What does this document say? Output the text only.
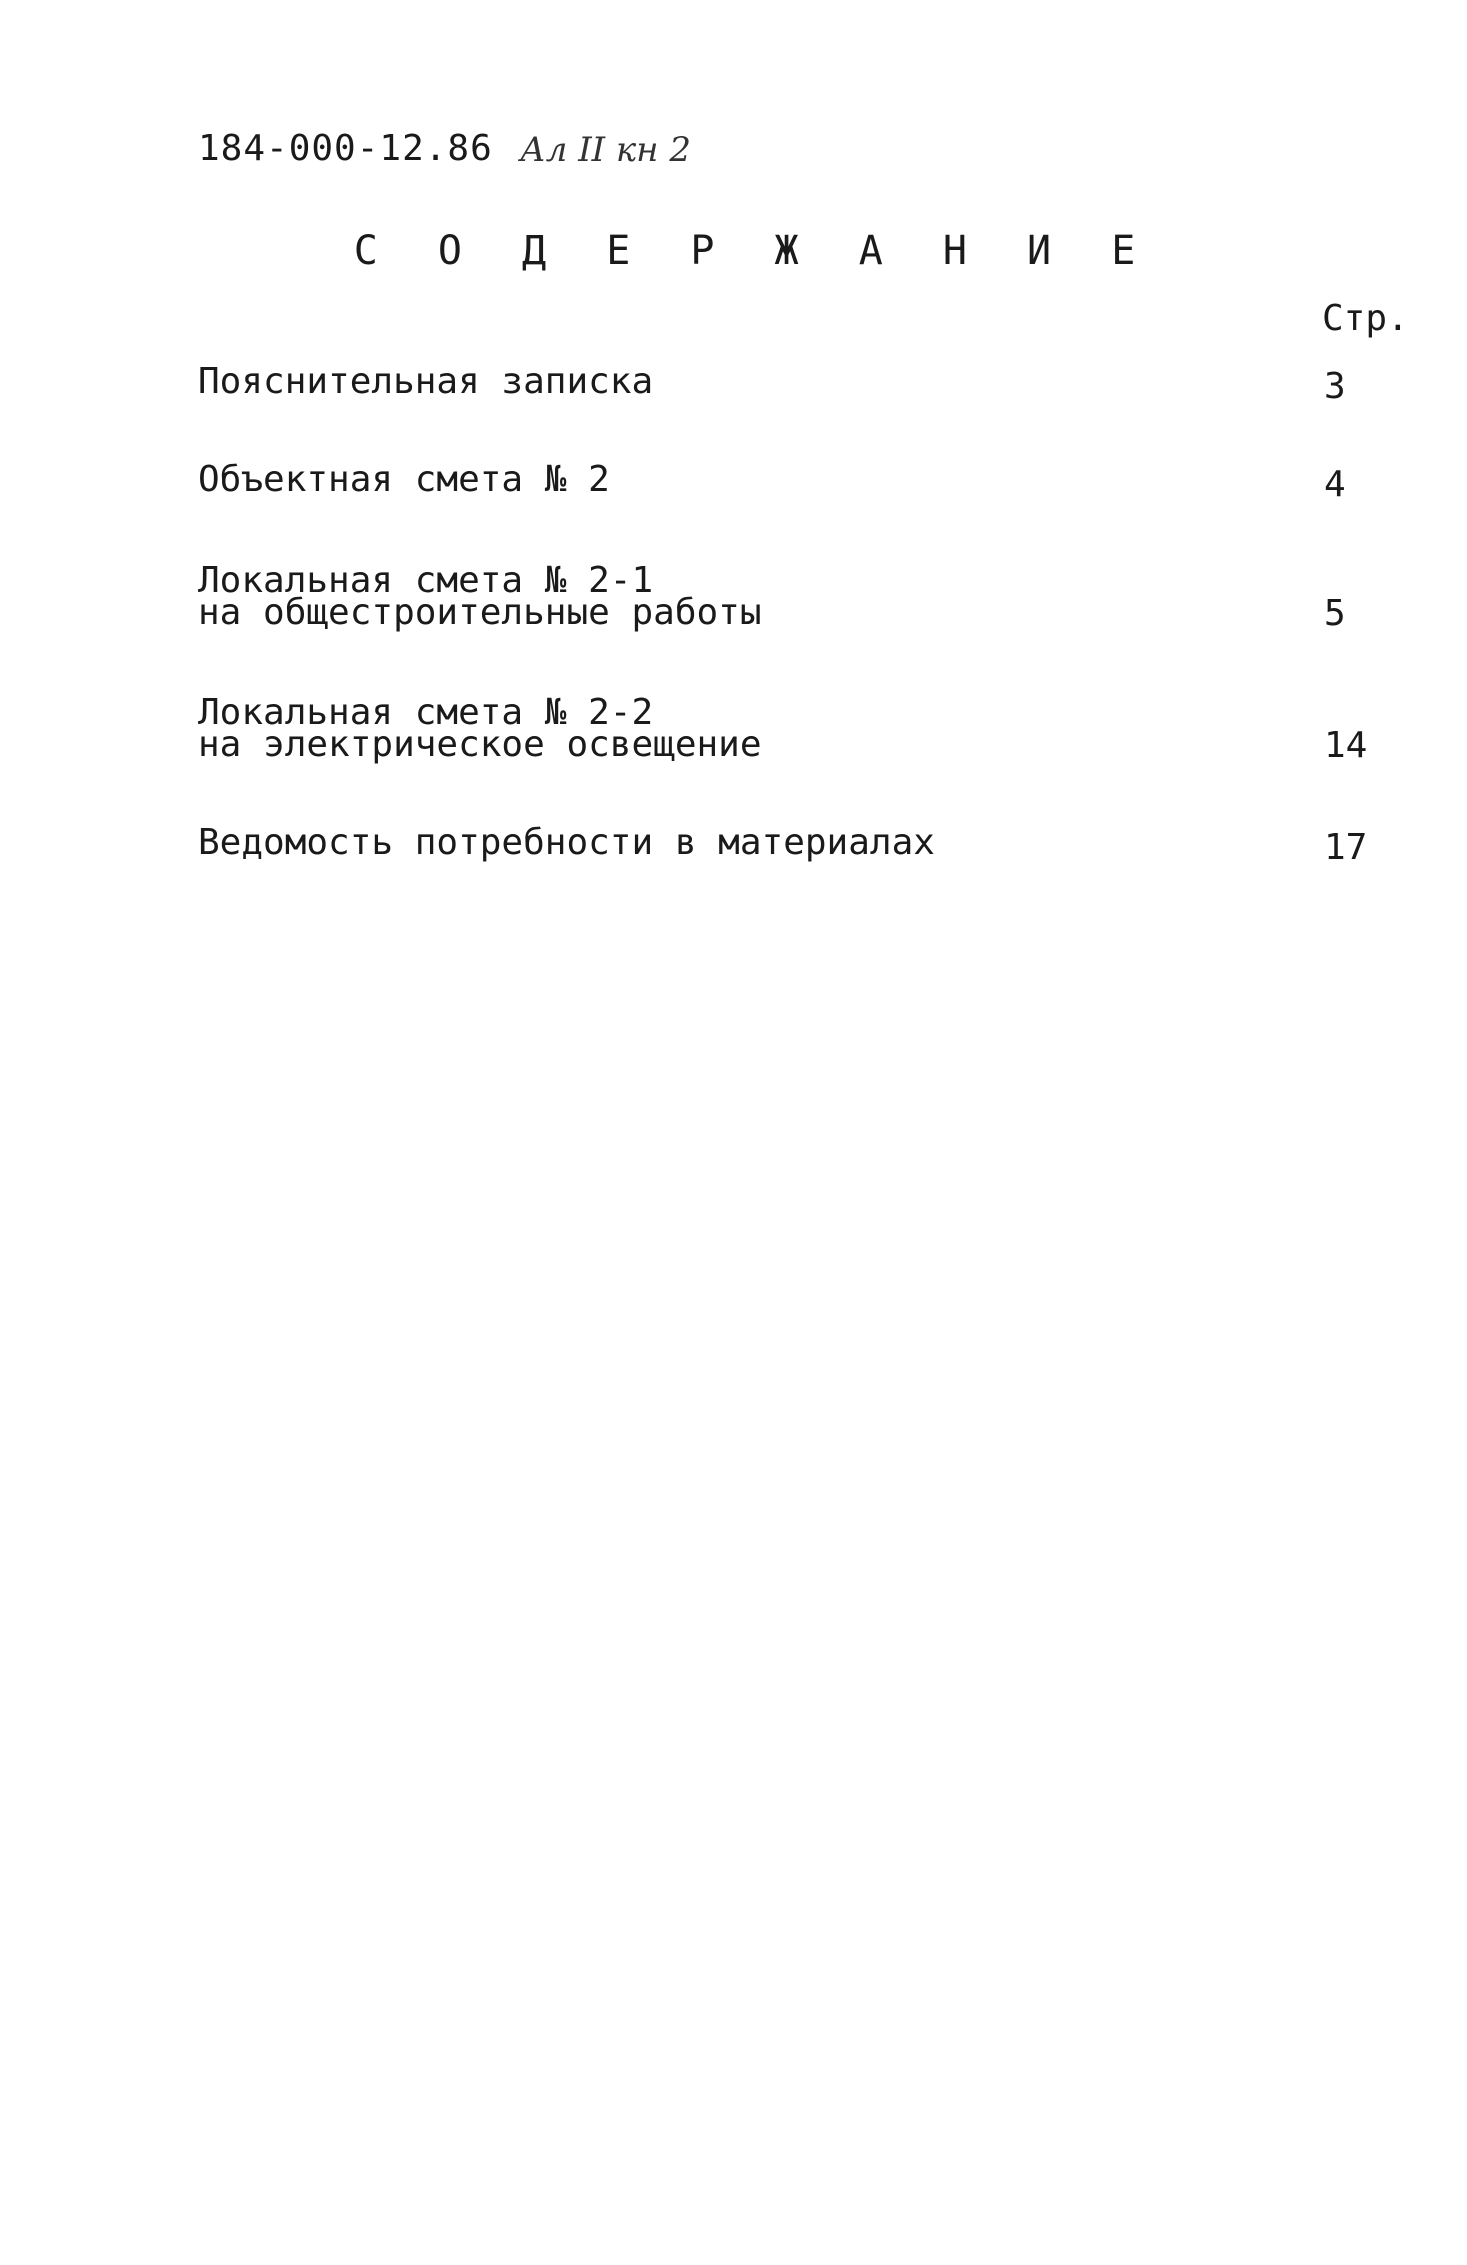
184-000-12.86 Ал II кн 2
С О Д Е Р Ж А Н И Е
Стр.
Пояснительная записка	3
Объектная смета № 2	4
Локальная смета № 2-1
на общестроительные работы	5
Локальная смета № 2-2
на электрическое освещение	14
Ведомость потребности в материалах	17
